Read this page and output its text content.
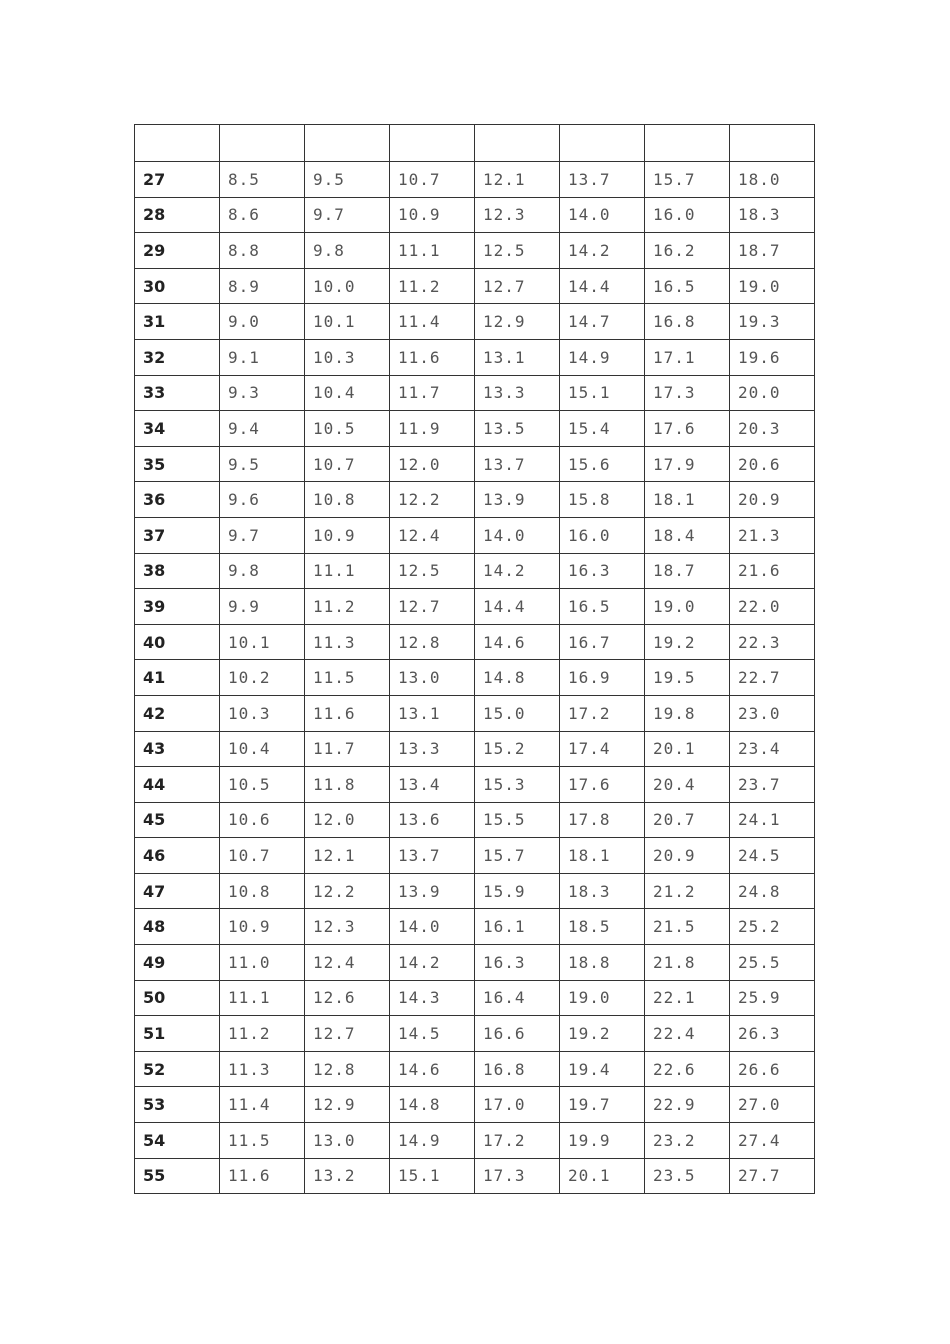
27	8.5	9.5	10.7	12.1	13.7	15.7	18.0
28	8.6	9.7	10.9	12.3	14.0	16.0	18.3
29	8.8	9.8	11.1	12.5	14.2	16.2	18.7
30	8.9	10.0	11.2	12.7	14.4	16.5	19.0
31	9.0	10.1	11.4	12.9	14.7	16.8	19.3
32	9.1	10.3	11.6	13.1	14.9	17.1	19.6
33	9.3	10.4	11.7	13.3	15.1	17.3	20.0
34	9.4	10.5	11.9	13.5	15.4	17.6	20.3
35	9.5	10.7	12.0	13.7	15.6	17.9	20.6
36	9.6	10.8	12.2	13.9	15.8	18.1	20.9
37	9.7	10.9	12.4	14.0	16.0	18.4	21.3
38	9.8	11.1	12.5	14.2	16.3	18.7	21.6
39	9.9	11.2	12.7	14.4	16.5	19.0	22.0
40	10.1	11.3	12.8	14.6	16.7	19.2	22.3
41	10.2	11.5	13.0	14.8	16.9	19.5	22.7
42	10.3	11.6	13.1	15.0	17.2	19.8	23.0
43	10.4	11.7	13.3	15.2	17.4	20.1	23.4
44	10.5	11.8	13.4	15.3	17.6	20.4	23.7
45	10.6	12.0	13.6	15.5	17.8	20.7	24.1
46	10.7	12.1	13.7	15.7	18.1	20.9	24.5
47	10.8	12.2	13.9	15.9	18.3	21.2	24.8
48	10.9	12.3	14.0	16.1	18.5	21.5	25.2
49	11.0	12.4	14.2	16.3	18.8	21.8	25.5
50	11.1	12.6	14.3	16.4	19.0	22.1	25.9
51	11.2	12.7	14.5	16.6	19.2	22.4	26.3
52	11.3	12.8	14.6	16.8	19.4	22.6	26.6
53	11.4	12.9	14.8	17.0	19.7	22.9	27.0
54	11.5	13.0	14.9	17.2	19.9	23.2	27.4
55	11.6	13.2	15.1	17.3	20.1	23.5	27.7
